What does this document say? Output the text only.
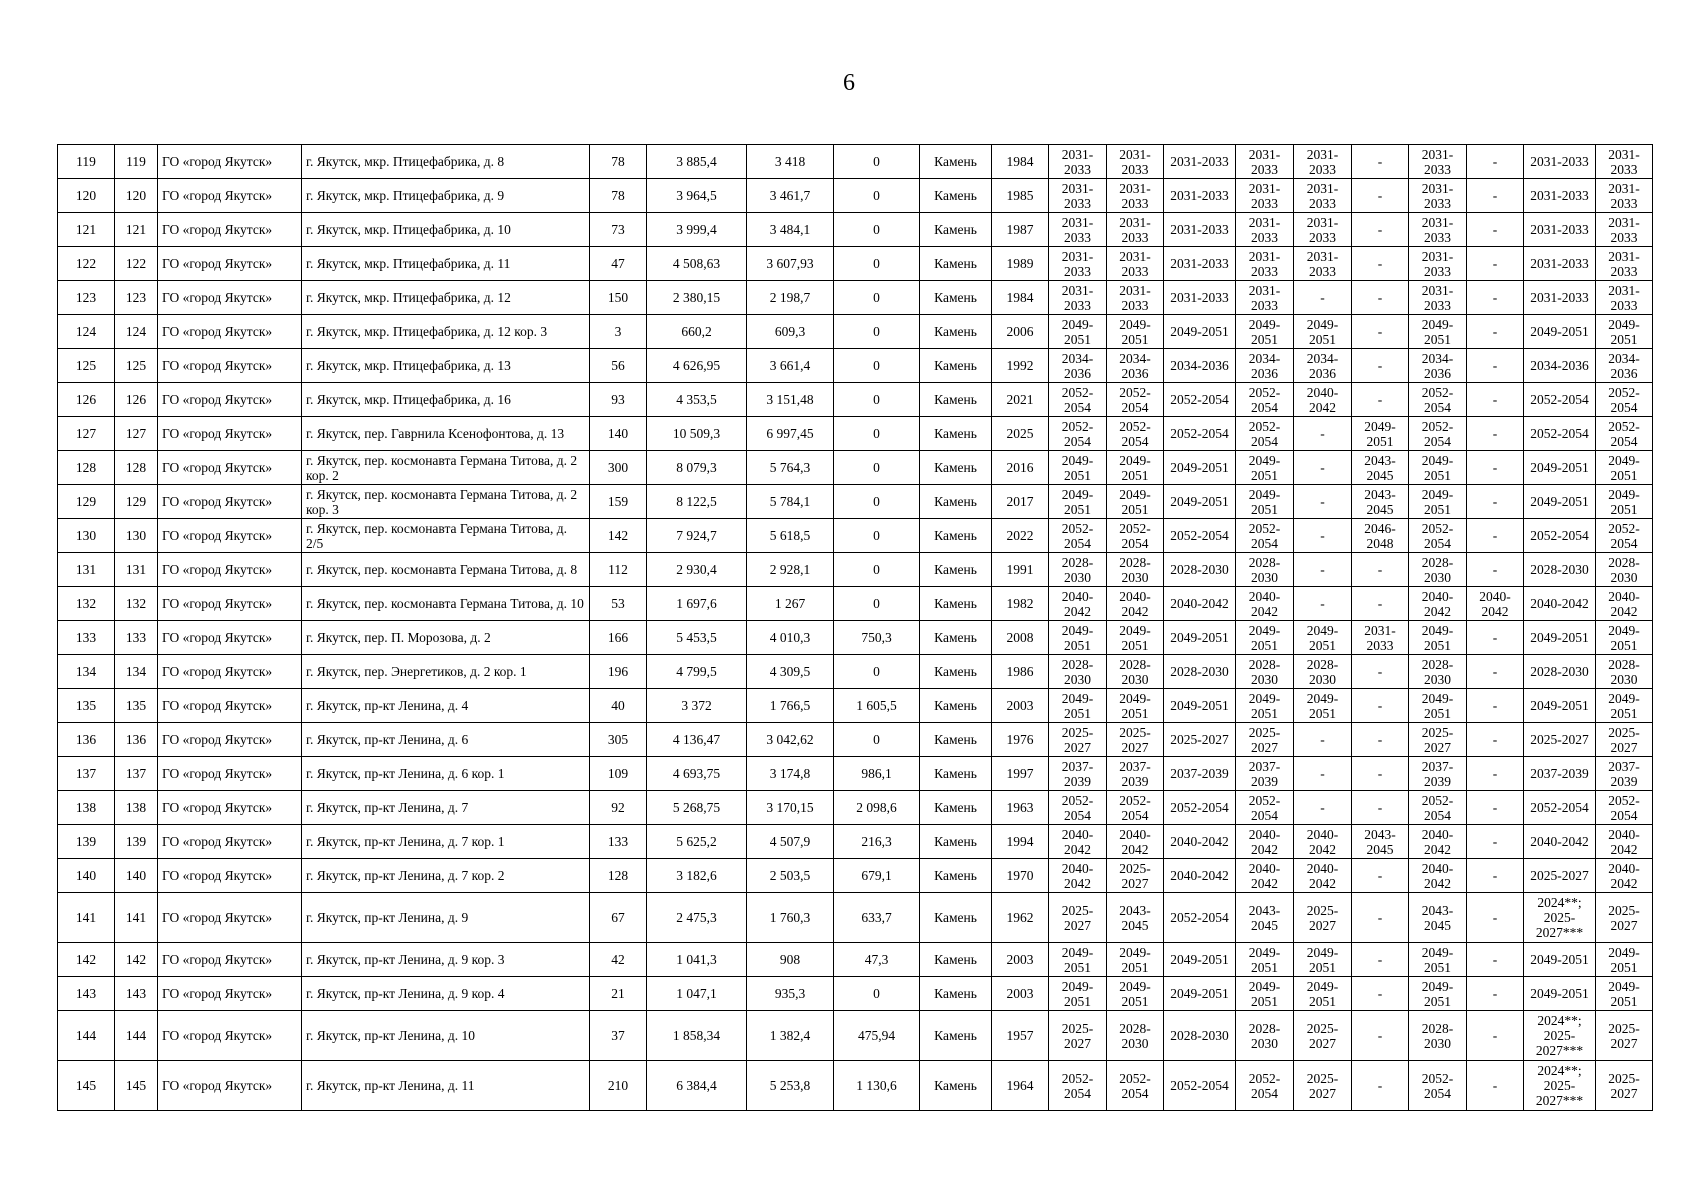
6
119	119	ГО «город Якутск»	г. Якутск, мкр. Птицефабрика, д. 8	78	3 885,4	3 418	0	Камень	1984	2031-2033	2031-2033	2031-2033	2031-2033	2031-2033	-	2031-2033	-	2031-2033	2031-2033
120	120	ГО «город Якутск»	г. Якутск, мкр. Птицефабрика, д. 9	78	3 964,5	3 461,7	0	Камень	1985	2031-2033	2031-2033	2031-2033	2031-2033	2031-2033	-	2031-2033	-	2031-2033	2031-2033
121	121	ГО «город Якутск»	г. Якутск, мкр. Птицефабрика, д. 10	73	3 999,4	3 484,1	0	Камень	1987	2031-2033	2031-2033	2031-2033	2031-2033	2031-2033	-	2031-2033	-	2031-2033	2031-2033
122	122	ГО «город Якутск»	г. Якутск, мкр. Птицефабрика, д. 11	47	4 508,63	3 607,93	0	Камень	1989	2031-2033	2031-2033	2031-2033	2031-2033	2031-2033	-	2031-2033	-	2031-2033	2031-2033
123	123	ГО «город Якутск»	г. Якутск, мкр. Птицефабрика, д. 12	150	2 380,15	2 198,7	0	Камень	1984	2031-2033	2031-2033	2031-2033	2031-2033	-	-	2031-2033	-	2031-2033	2031-2033
124	124	ГО «город Якутск»	г. Якутск, мкр. Птицефабрика, д. 12 кор. 3	3	660,2	609,3	0	Камень	2006	2049-2051	2049-2051	2049-2051	2049-2051	2049-2051	-	2049-2051	-	2049-2051	2049-2051
125	125	ГО «город Якутск»	г. Якутск, мкр. Птицефабрика, д. 13	56	4 626,95	3 661,4	0	Камень	1992	2034-2036	2034-2036	2034-2036	2034-2036	2034-2036	-	2034-2036	-	2034-2036	2034-2036
126	126	ГО «город Якутск»	г. Якутск, мкр. Птицефабрика, д. 16	93	4 353,5	3 151,48	0	Камень	2021	2052-2054	2052-2054	2052-2054	2052-2054	2040-2042	-	2052-2054	-	2052-2054	2052-2054
127	127	ГО «город Якутск»	г. Якутск, пер. Гаврнила Ксенофонтова, д. 13	140	10 509,3	6 997,45	0	Камень	2025	2052-2054	2052-2054	2052-2054	2052-2054	-	2049-2051	2052-2054	-	2052-2054	2052-2054
128	128	ГО «город Якутск»	г. Якутск, пер. космонавта Германа Титова, д. 2 кор. 2	300	8 079,3	5 764,3	0	Камень	2016	2049-2051	2049-2051	2049-2051	2049-2051	-	2043-2045	2049-2051	-	2049-2051	2049-2051
129	129	ГО «город Якутск»	г. Якутск, пер. космонавта Германа Титова, д. 2 кор. 3	159	8 122,5	5 784,1	0	Камень	2017	2049-2051	2049-2051	2049-2051	2049-2051	-	2043-2045	2049-2051	-	2049-2051	2049-2051
130	130	ГО «город Якутск»	г. Якутск, пер. космонавта Германа Титова, д. 2/5	142	7 924,7	5 618,5	0	Камень	2022	2052-2054	2052-2054	2052-2054	2052-2054	-	2046-2048	2052-2054	-	2052-2054	2052-2054
131	131	ГО «город Якутск»	г. Якутск, пер. космонавта Германа Титова, д. 8	112	2 930,4	2 928,1	0	Камень	1991	2028-2030	2028-2030	2028-2030	2028-2030	-	-	2028-2030	-	2028-2030	2028-2030
132	132	ГО «город Якутск»	г. Якутск, пер. космонавта Германа Титова, д. 10	53	1 697,6	1 267	0	Камень	1982	2040-2042	2040-2042	2040-2042	2040-2042	-	-	2040-2042	2040-2042	2040-2042	2040-2042
133	133	ГО «город Якутск»	г. Якутск, пер. П. Морозова, д. 2	166	5 453,5	4 010,3	750,3	Камень	2008	2049-2051	2049-2051	2049-2051	2049-2051	2049-2051	2031-2033	2049-2051	-	2049-2051	2049-2051
134	134	ГО «город Якутск»	г. Якутск, пер. Энергетиков, д. 2 кор. 1	196	4 799,5	4 309,5	0	Камень	1986	2028-2030	2028-2030	2028-2030	2028-2030	2028-2030	-	2028-2030	-	2028-2030	2028-2030
135	135	ГО «город Якутск»	г. Якутск, пр-кт Ленина, д. 4	40	3 372	1 766,5	1 605,5	Камень	2003	2049-2051	2049-2051	2049-2051	2049-2051	2049-2051	-	2049-2051	-	2049-2051	2049-2051
136	136	ГО «город Якутск»	г. Якутск, пр-кт Ленина, д. 6	305	4 136,47	3 042,62	0	Камень	1976	2025-2027	2025-2027	2025-2027	2025-2027	-	-	2025-2027	-	2025-2027	2025-2027
137	137	ГО «город Якутск»	г. Якутск, пр-кт Ленина, д. 6 кор. 1	109	4 693,75	3 174,8	986,1	Камень	1997	2037-2039	2037-2039	2037-2039	2037-2039	-	-	2037-2039	-	2037-2039	2037-2039
138	138	ГО «город Якутск»	г. Якутск, пр-кт Ленина, д. 7	92	5 268,75	3 170,15	2 098,6	Камень	1963	2052-2054	2052-2054	2052-2054	2052-2054	-	-	2052-2054	-	2052-2054	2052-2054
139	139	ГО «город Якутск»	г. Якутск, пр-кт Ленина, д. 7 кор. 1	133	5 625,2	4 507,9	216,3	Камень	1994	2040-2042	2040-2042	2040-2042	2040-2042	2040-2042	2043-2045	2040-2042	-	2040-2042	2040-2042
140	140	ГО «город Якутск»	г. Якутск, пр-кт Ленина, д. 7 кор. 2	128	3 182,6	2 503,5	679,1	Камень	1970	2040-2042	2025-2027	2040-2042	2040-2042	2040-2042	-	2040-2042	-	2025-2027	2040-2042
141	141	ГО «город Якутск»	г. Якутск, пр-кт Ленина, д. 9	67	2 475,3	1 760,3	633,7	Камень	1962	2025-2027	2043-2045	2052-2054	2043-2045	2025-2027	-	2043-2045	-	2024**; 2025-2027***	2025-2027
142	142	ГО «город Якутск»	г. Якутск, пр-кт Ленина, д. 9 кор. 3	42	1 041,3	908	47,3	Камень	2003	2049-2051	2049-2051	2049-2051	2049-2051	2049-2051	-	2049-2051	-	2049-2051	2049-2051
143	143	ГО «город Якутск»	г. Якутск, пр-кт Ленина, д. 9 кор. 4	21	1 047,1	935,3	0	Камень	2003	2049-2051	2049-2051	2049-2051	2049-2051	2049-2051	-	2049-2051	-	2049-2051	2049-2051
144	144	ГО «город Якутск»	г. Якутск, пр-кт Ленина, д. 10	37	1 858,34	1 382,4	475,94	Камень	1957	2025-2027	2028-2030	2028-2030	2028-2030	2025-2027	-	2028-2030	-	2024**; 2025-2027***	2025-2027
145	145	ГО «город Якутск»	г. Якутск, пр-кт Ленина, д. 11	210	6 384,4	5 253,8	1 130,6	Камень	1964	2052-2054	2052-2054	2052-2054	2052-2054	2025-2027	-	2052-2054	-	2024**; 2025-2027***	2025-2027
